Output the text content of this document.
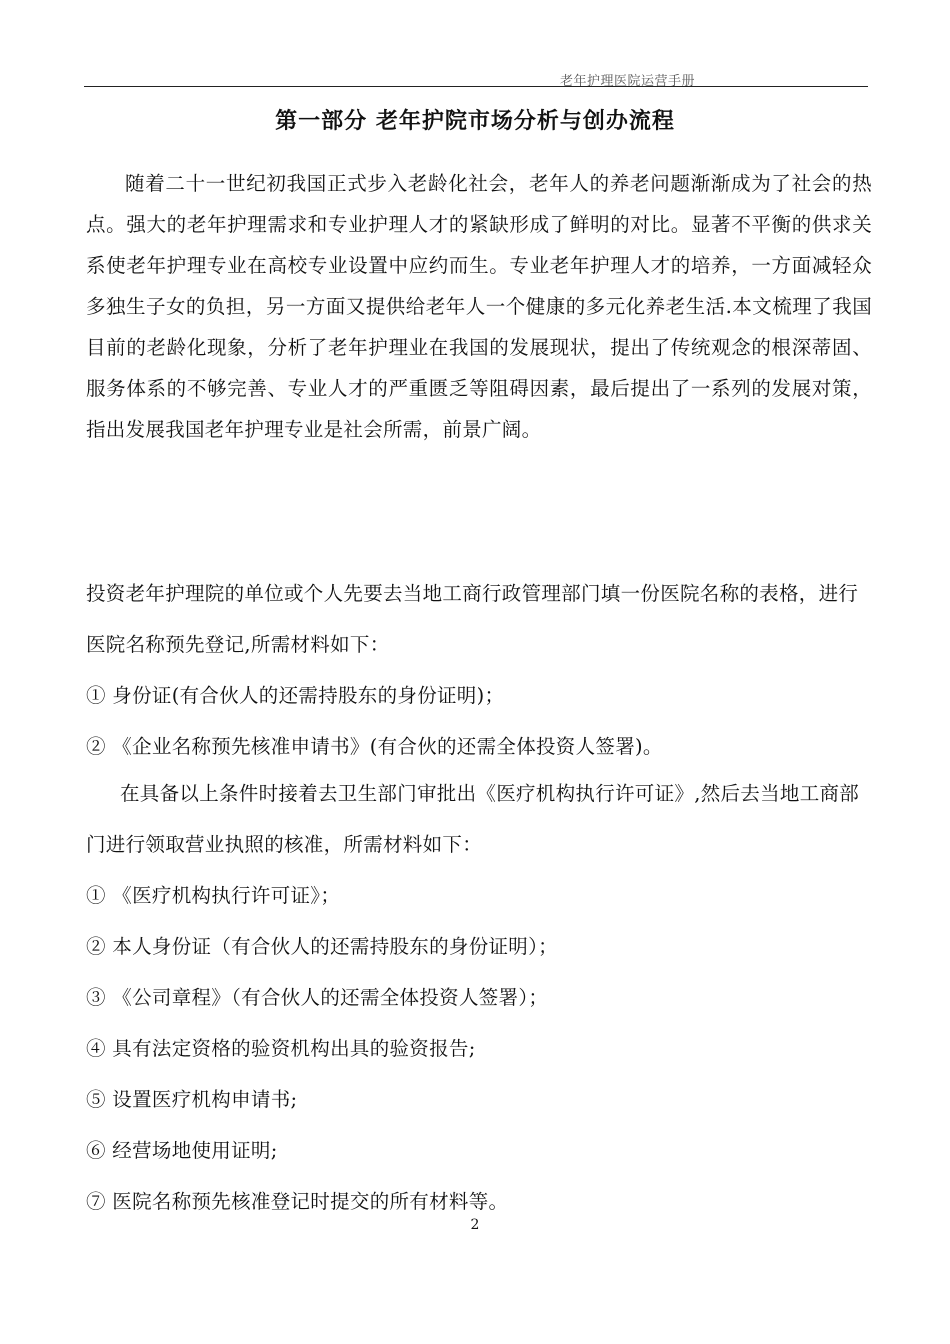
老年护理医院运营手册
第一部分 老年护院市场分析与创办流程

随着二十一世纪初我国正式步入老龄化社会，老年人的养老问题渐渐成为了社会的热点。强大的老年护理需求和专业护理人才的紧缺形成了鲜明的对比。显著不平衡的供求关系使老年护理专业在高校专业设置中应约而生。专业老年护理人才的培养，一方面减轻众多独生子女的负担，另一方面又提供给老年人一个健康的多元化养老生活.本文梳理了我国目前的老龄化现象，分析了老年护理业在我国的发展现状，提出了传统观念的根深蒂固、服务体系的不够完善、专业人才的严重匮乏等阻碍因素，最后提出了一系列的发展对策，指出发展我国老年护理专业是社会所需，前景广阔。

投资老年护理院的单位或个人先要去当地工商行政管理部门填一份医院名称的表格，进行医院名称预先登记,所需材料如下：

① 身份证(有合伙人的还需持股东的身份证明)；

② 《企业名称预先核准申请书》(有合伙的还需全体投资人签署)。

在具备以上条件时接着去卫生部门审批出《医疗机构执行许可证》,然后去当地工商部门进行领取营业执照的核准，所需材料如下：

① 《医疗机构执行许可证》；

② 本人身份证（有合伙人的还需持股东的身份证明）；

③ 《公司章程》（有合伙人的还需全体投资人签署）；

④ 具有法定资格的验资机构出具的验资报告;

⑤ 设置医疗机构申请书;

⑥ 经营场地使用证明;

⑦ 医院名称预先核准登记时提交的所有材料等。

2
